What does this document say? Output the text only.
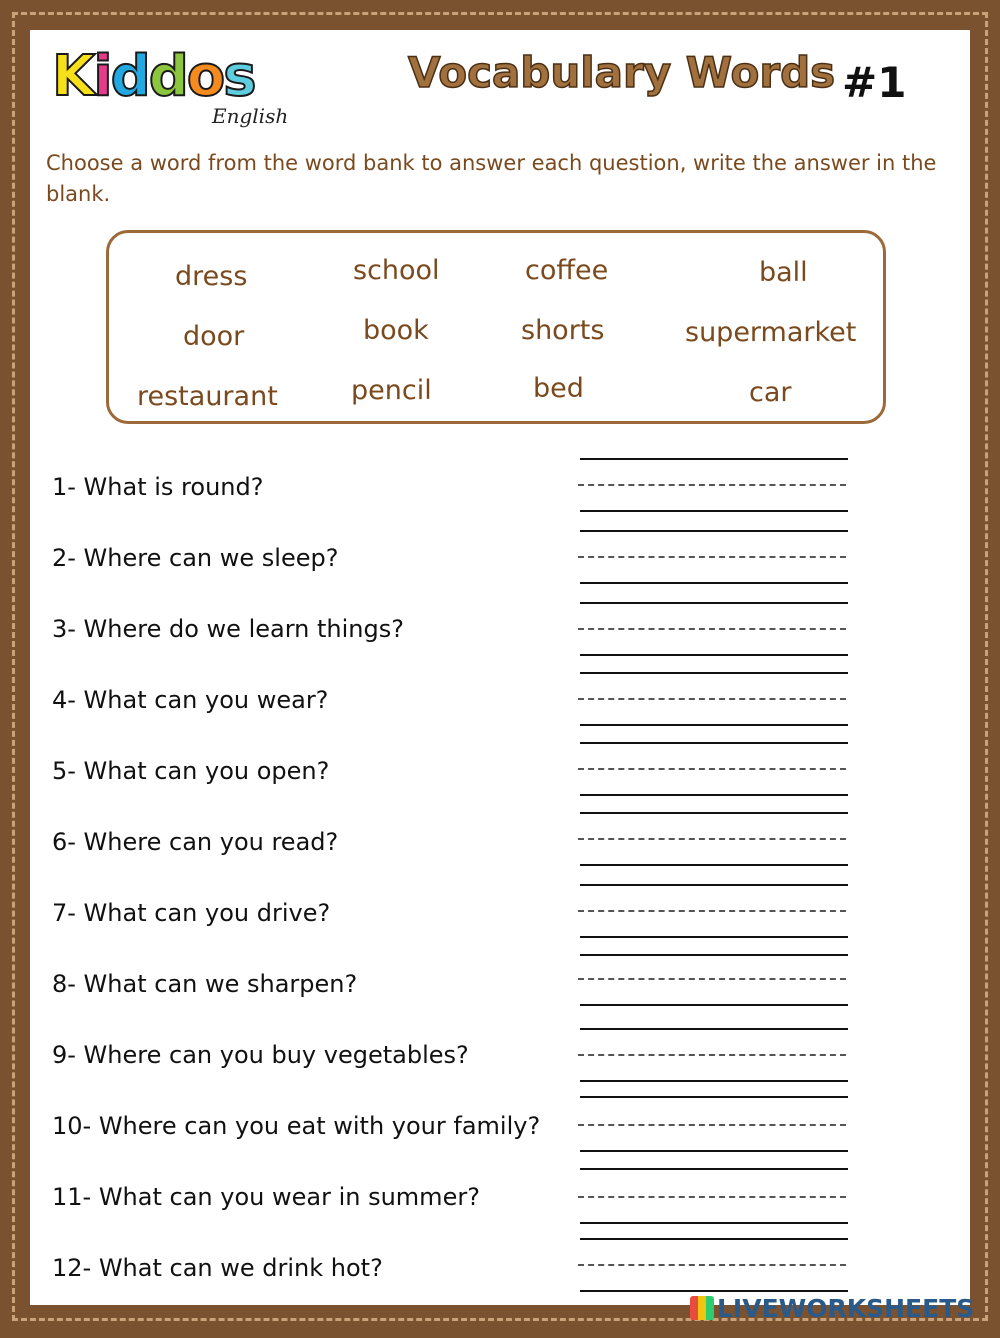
Kiddos
English
Vocabulary Words #1
Choose a word from the word bank to answer each question, write the answer in the blank.
dress	school	coffee	ball
door	book	shorts	supermarket
restaurant	pencil	bed	car
1- What is round?
2- Where can we sleep?
3- Where do we learn things?
4- What can you wear?
5- What can you open?
6- Where can you read?
7- What can you drive?
8- What can we sharpen?
9- Where can you buy vegetables?
10- Where can you eat with your family?
11- What can you wear in summer?
12- What can we drink hot?
LIVEWORKSHEETS
